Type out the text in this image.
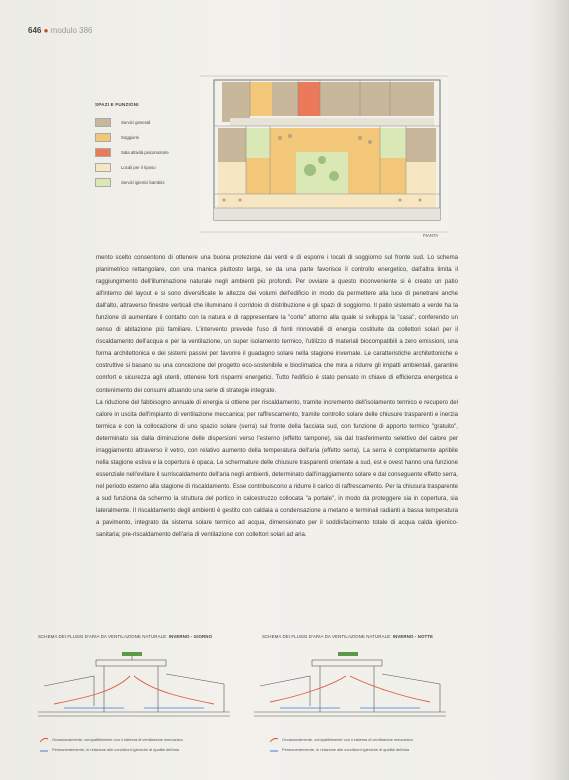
646 ● modulo 386
SPAZI E FUNZIONI
Servizi generali
Soggiorni
Sala attività psicomotorie
Locali per il riposo
Servizi igienici bambini
PIANTA

mento scelto consentono di ottenere una buona protezione dai venti e di esporre i locali di soggiorno sul fronte sud. Lo schema planimetrico rettangolare, con una manica piuttosto larga, se da una parte favorisce il controllo energetico, dall'altra limita il raggiungimento dell'illuminazione naturale negli ambienti più profondi. Per ovviare a questo inconveniente si è creato un patio all'interno del layout e si sono diversificate le altezze dei volumi dell'edificio in modo da permettere alla luce di penetrare anche dall'alto, attraverso finestre verticali che illuminano il corridoio di distribuzione e gli spazi di soggiorno. Il patio sistemato a verde ha la funzione di aumentare il contatto con la natura e di rappresentare la "corte" attorno alla quale si sviluppa la "casa", conferendo un senso di abitazione più familiare. L'intervento prevede l'uso di fonti rinnovabili di energia costituite da collettori solari per il riscaldamento dell'acqua e per la ventilazione, un super isolamento termico, l'utilizzo di materiali biocompatibili a zero emissioni, una forma architettonica e dei sistemi passivi per favorire il guadagno solare nella stagione invernale. Le caratteristiche architettoniche e costruttive si basano su una concezione del progetto eco-sostenibile e bioclimatica che mira a ridurre gli impatti ambientali, garantire comfort e sicurezza agli utenti, ottenere forti risparmi energetici. Tutto l'edificio è stato pensato in chiave di efficienza energetica e contenimento dei consumi attuando una serie di strategie integrate.

La riduzione del fabbisogno annuale di energia si ottiene per riscaldamento, tramite incremento dell'isolamento termico e recupero del calore in uscita dell'impianto di ventilazione meccanica; per raffrescamento, tramite controllo solare delle chiusure trasparenti e inerzia termica e con la collocazione di uno spazio solare (serra) sul fronte della facciata sud, con funzione di apporto termico "gratuito", determinato sia dalla diminuzione delle dispersioni verso l'esterno (effetto tampone), sia dal trasferimento selettivo del calore per irraggiamento attraverso il vetro, con relativo aumento della temperatura dell'aria (effetto serra). La serra è completamente apribile nella stagione estiva e la copertura è opaca. Le schermature delle chiusure trasparenti orientate a sud, est e ovest hanno una funzione essenziale nell'evitare il surriscaldamento dell'aria negli ambienti, determinato dall'irraggiamento solare e dal conseguente effetto serra, nel periodo esterno alla stagione di riscaldamento. Esse contribuiscono a ridurre il carico di raffrescamento. Per la chiusura trasparente a sud funziona da schermo la struttura del portico in calcestruzzo collocata "a portale", in modo da proteggere sia in copertura, sia lateralmente. Il riscaldamento degli ambienti è gestito con caldaia a condensazione a metano e terminali radianti a bassa temperatura a pavimento, integrato da sistema solare termico ad acqua, dimensionato per il soddisfacimento totale di acqua calda igienico-sanitaria; pre-riscaldamento dell'aria di ventilazione con collettori solari ad aria.

SCHEMA DEI FLUSSI D'ARIA DA VENTILAZIONE NATURALE: INVERNO - GIORNO	SCHEMA DEI FLUSSI D'ARIA DA VENTILAZIONE NATURALE: INVERNO - NOTTE
Occasionalmente, compatibilmente con il sistema di ventilazione meccanica
Permanentemente, in relazione alle condizioni igieniche di qualità dell'aria
Occasionalmente, compatibilmente con il sistema di ventilazione meccanica
Permanentemente, in relazione alle condizioni igieniche di qualità dell'aria
